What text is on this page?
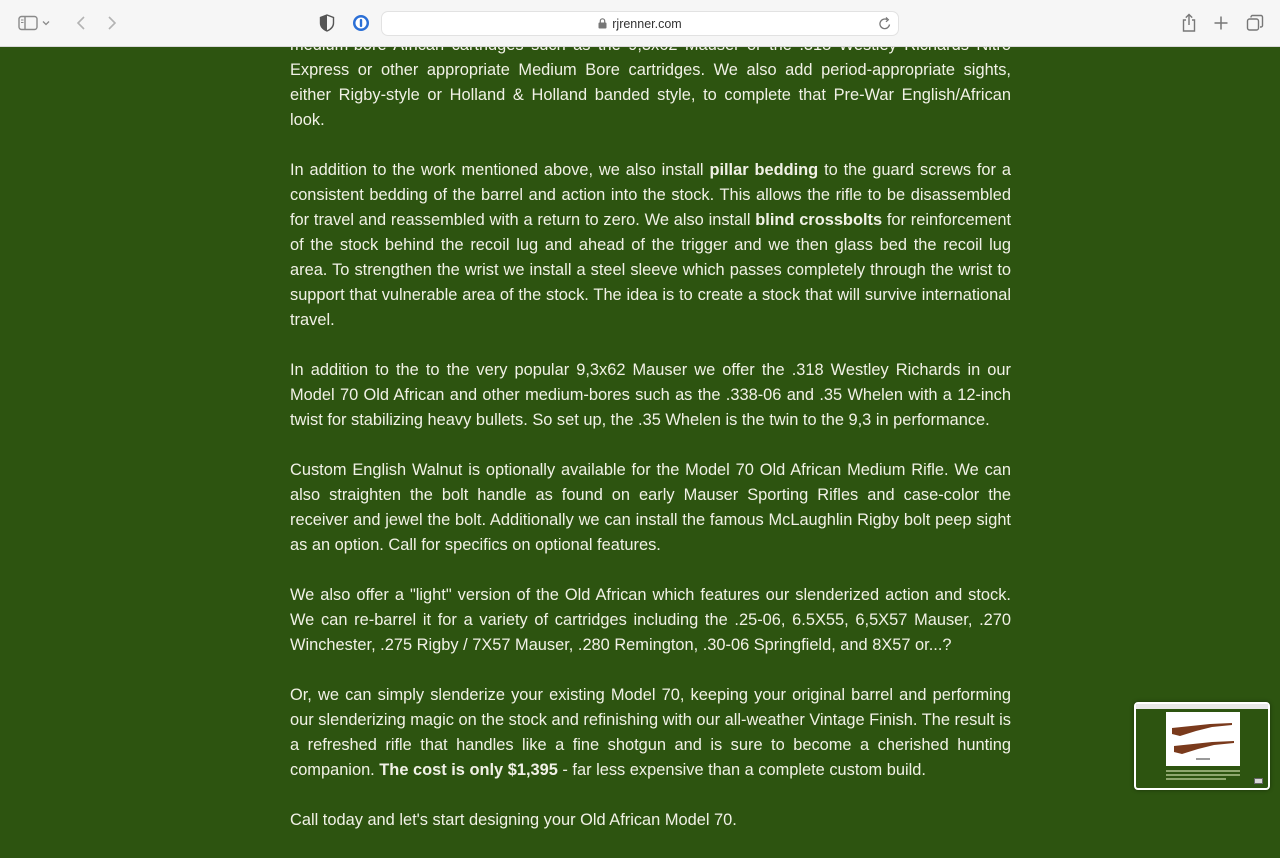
rjrenner.com

Express or other appropriate Medium Bore cartridges. We also add period-appropriate sights, either Rigby-style or Holland & Holland banded style, to complete that Pre-War English/African look.

In addition to the work mentioned above, we also install pillar bedding to the guard screws for a consistent bedding of the barrel and action into the stock. This allows the rifle to be disassembled for travel and reassembled with a return to zero. We also install blind crossbolts for reinforcement of the stock behind the recoil lug and ahead of the trigger and we then glass bed the recoil lug area. To strengthen the wrist we install a steel sleeve which passes completely through the wrist to support that vulnerable area of the stock. The idea is to create a stock that will survive international travel.

In addition to the to the very popular 9,3x62 Mauser we offer the .318 Westley Richards in our Model 70 Old African and other medium-bores such as the .338-06 and .35 Whelen with a 12-inch twist for stabilizing heavy bullets. So set up, the .35 Whelen is the twin to the 9,3 in performance.

Custom English Walnut is optionally available for the Model 70 Old African Medium Rifle. We can also straighten the bolt handle as found on early Mauser Sporting Rifles and case-color the receiver and jewel the bolt. Additionally we can install the famous McLaughlin Rigby bolt peep sight as an option. Call for specifics on optional features.

We also offer a "light" version of the Old African which features our slenderized action and stock. We can re-barrel it for a variety of cartridges including the .25-06, 6.5X55, 6,5X57 Mauser, .270 Winchester, .275 Rigby / 7X57 Mauser, .280 Remington, .30-06 Springfield, and 8X57 or...?

Or, we can simply slenderize your existing Model 70, keeping your original barrel and performing our slenderizing magic on the stock and refinishing with our all-weather Vintage Finish. The result is a refreshed rifle that handles like a fine shotgun and is sure to become a cherished hunting companion. The cost is only $1,395 - far less expensive than a complete custom build.

Call today and let's start designing your Old African Model 70.
